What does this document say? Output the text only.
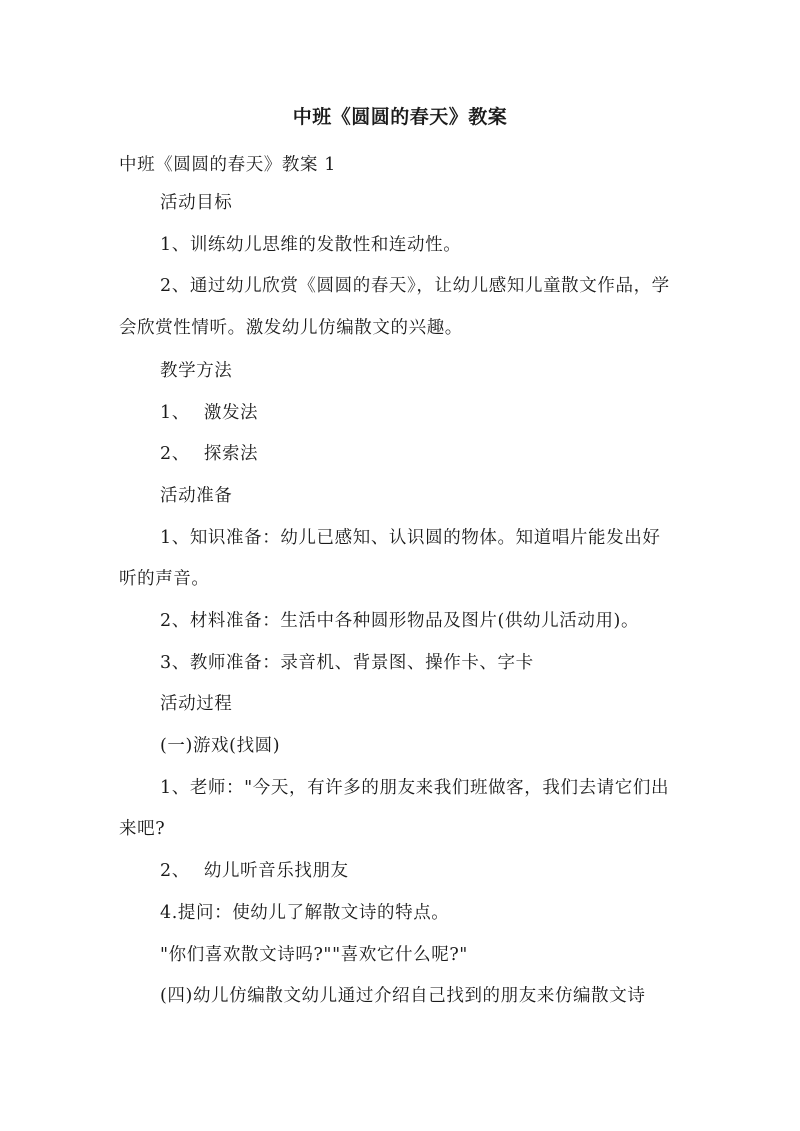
中班《圆圆的春天》教案
中班《圆圆的春天》教案 1
活动目标
1、训练幼儿思维的发散性和连动性。
2、通过幼儿欣赏《圆圆的春天》，让幼儿感知儿童散文作品，学
会欣赏性情听。激发幼儿仿编散文的兴趣。
教学方法
1、 激发法
2、 探索法
活动准备
1、知识准备：幼儿已感知、认识圆的物体。知道唱片能发出好
听的声音。
2、材料准备：生活中各种圆形物品及图片(供幼儿活动用)。
3、教师准备：录音机、背景图、操作卡、字卡
活动过程
(一)游戏(找圆)
1、老师："今天，有许多的朋友来我们班做客，我们去请它们出
来吧?
2、 幼儿听音乐找朋友
4.提问：使幼儿了解散文诗的特点。
"你们喜欢散文诗吗?""喜欢它什么呢?"
(四)幼儿仿编散文幼儿通过介绍自己找到的朋友来仿编散文诗
